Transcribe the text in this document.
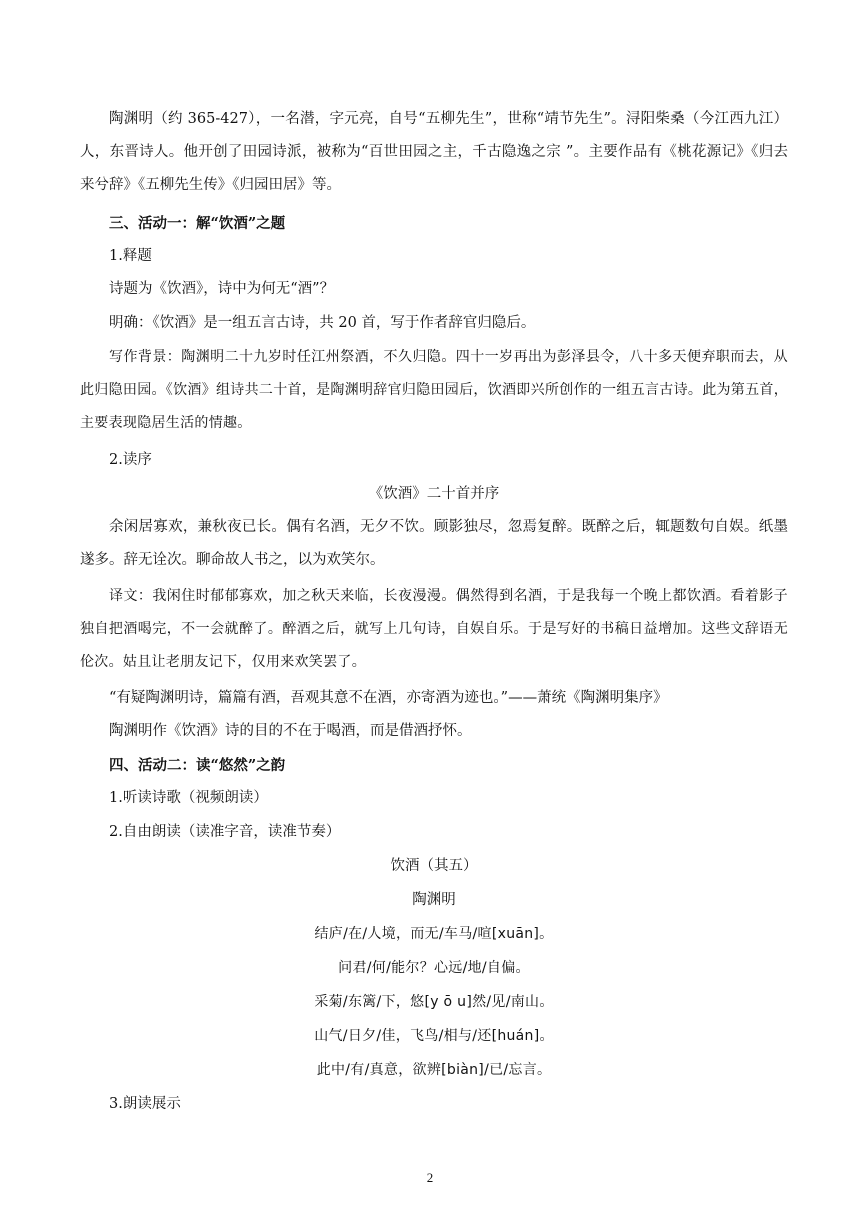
陶渊明（约 365-427），一名潜，字元亮，自号“五柳先生”，世称“靖节先生”。浔阳柴桑（今江西九江）人，东晋诗人。他开创了田园诗派，被称为“百世田园之主，千古隐逸之宗 ”。主要作品有《桃花源记》《归去来兮辞》《五柳先生传》《归园田居》等。

三、活动一：解“饮酒”之题

1.释题

诗题为《饮酒》，诗中为何无“酒”？

明确：《饮酒》是一组五言古诗，共 20 首，写于作者辞官归隐后。

写作背景：陶渊明二十九岁时任江州祭酒，不久归隐。四十一岁再出为彭泽县令，八十多天便弃职而去，从此归隐田园。《饮酒》组诗共二十首，是陶渊明辞官归隐田园后，饮酒即兴所创作的一组五言古诗。此为第五首，主要表现隐居生活的情趣。

2.读序

《饮酒》二十首并序

余闲居寡欢，兼秋夜已长。偶有名酒，无夕不饮。顾影独尽，忽焉复醉。既醉之后，辄题数句自娱。纸墨遂多。辞无诠次。聊命故人书之，以为欢笑尔。

译文：我闲住时郁郁寡欢，加之秋天来临，长夜漫漫。偶然得到名酒，于是我每一个晚上都饮酒。看着影子独自把酒喝完，不一会就醉了。醉酒之后，就写上几句诗，自娱自乐。于是写好的书稿日益增加。这些文辞语无伦次。姑且让老朋友记下，仅用来欢笑罢了。

“有疑陶渊明诗，篇篇有酒，吾观其意不在酒，亦寄酒为迹也。”——萧统《陶渊明集序》

陶渊明作《饮酒》诗的目的不在于喝酒，而是借酒抒怀。

四、活动二：读“悠然”之韵

1.听读诗歌（视频朗读）

2.自由朗读（读准字音，读准节奏）

饮酒（其五）

陶渊明

结庐/在/人境，而无/车马/喧[xuān]。

问君/何/能尔？心远/地/自偏。

采菊/东篱/下，悠[y ō u]然/见/南山。

山气/日夕/佳，飞鸟/相与/还[huán]。

此中/有/真意，欲辨[biàn]/已/忘言。

3.朗读展示

2
